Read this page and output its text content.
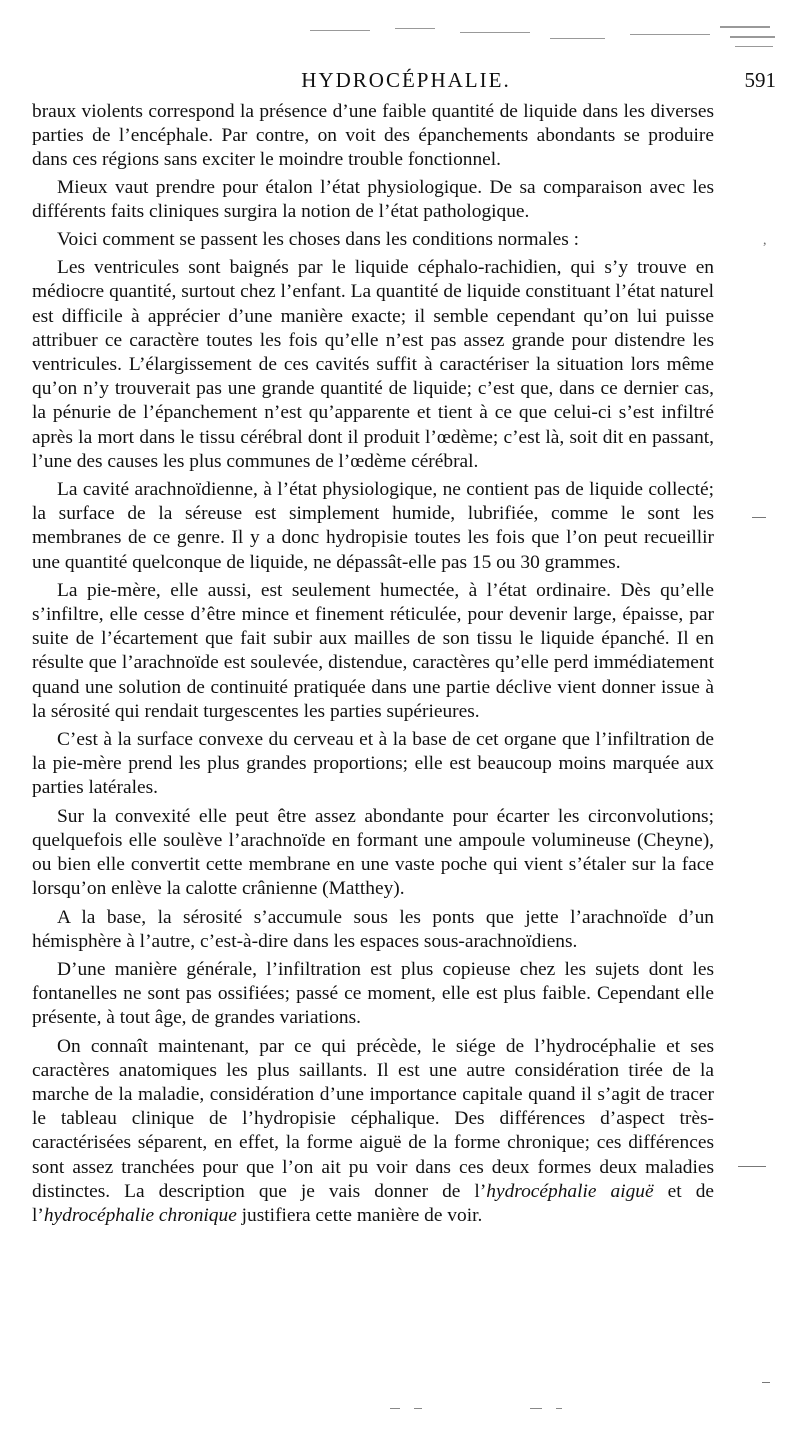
HYDROCÉPHALIE.	591

braux violents correspond la présence d’une faible quantité de liquide dans les diverses parties de l’encéphale. Par contre, on voit des épanchements abondants se produire dans ces régions sans exciter le moindre trouble fonctionnel.

Mieux vaut prendre pour étalon l’état physiologique. De sa comparaison avec les différents faits cliniques surgira la notion de l’état pathologique.

Voici comment se passent les choses dans les conditions normales :

Les ventricules sont baignés par le liquide céphalo-rachidien, qui s’y trouve en médiocre quantité, surtout chez l’enfant. La quantité de liquide constituant l’état naturel est difficile à apprécier d’une manière exacte; il semble cependant qu’on lui puisse attribuer ce caractère toutes les fois qu’elle n’est pas assez grande pour distendre les ventricules. L’élargissement de ces cavités suffit à caractériser la situation lors même qu’on n’y trouverait pas une grande quantité de liquide; c’est que, dans ce dernier cas, la pénurie de l’épanchement n’est qu’apparente et tient à ce que celui-ci s’est infiltré après la mort dans le tissu cérébral dont il produit l’œdème; c’est là, soit dit en passant, l’une des causes les plus communes de l’œdème cérébral.

La cavité arachnoïdienne, à l’état physiologique, ne contient pas de liquide collecté; la surface de la séreuse est simplement humide, lubrifiée, comme le sont les membranes de ce genre. Il y a donc hydropisie toutes les fois que l’on peut recueillir une quantité quelconque de liquide, ne dépassât-elle pas 15 ou 30 grammes.

La pie-mère, elle aussi, est seulement humectée, à l’état ordinaire. Dès qu’elle s’infiltre, elle cesse d’être mince et finement réticulée, pour devenir large, épaisse, par suite de l’écartement que fait subir aux mailles de son tissu le liquide épanché. Il en résulte que l’arachnoïde est soulevée, distendue, caractères qu’elle perd immédiatement quand une solution de continuité pratiquée dans une partie déclive vient donner issue à la sérosité qui rendait turgescentes les parties supérieures.

C’est à la surface convexe du cerveau et à la base de cet organe que l’infiltration de la pie-mère prend les plus grandes proportions; elle est beaucoup moins marquée aux parties latérales.

Sur la convexité elle peut être assez abondante pour écarter les circonvolutions; quelquefois elle soulève l’arachnoïde en formant une ampoule volumineuse (Cheyne), ou bien elle convertit cette membrane en une vaste poche qui vient s’étaler sur la face lorsqu’on enlève la calotte crânienne (Matthey).

A la base, la sérosité s’accumule sous les ponts que jette l’arachnoïde d’un hémisphère à l’autre, c’est-à-dire dans les espaces sous-arachnoïdiens.

D’une manière générale, l’infiltration est plus copieuse chez les sujets dont les fontanelles ne sont pas ossifiées; passé ce moment, elle est plus faible. Cependant elle présente, à tout âge, de grandes variations.

On connaît maintenant, par ce qui précède, le siége de l’hydrocéphalie et ses caractères anatomiques les plus saillants. Il est une autre considération tirée de la marche de la maladie, considération d’une importance capitale quand il s’agit de tracer le tableau clinique de l’hydropisie céphalique. Des différences d’aspect très-caractérisées séparent, en effet, la forme aiguë de la forme chronique; ces différences sont assez tranchées pour que l’on ait pu voir dans ces deux formes deux maladies distinctes. La description que je vais donner de l’hydrocéphalie aiguë et de l’hydrocéphalie chronique justifiera cette manière de voir.

,
